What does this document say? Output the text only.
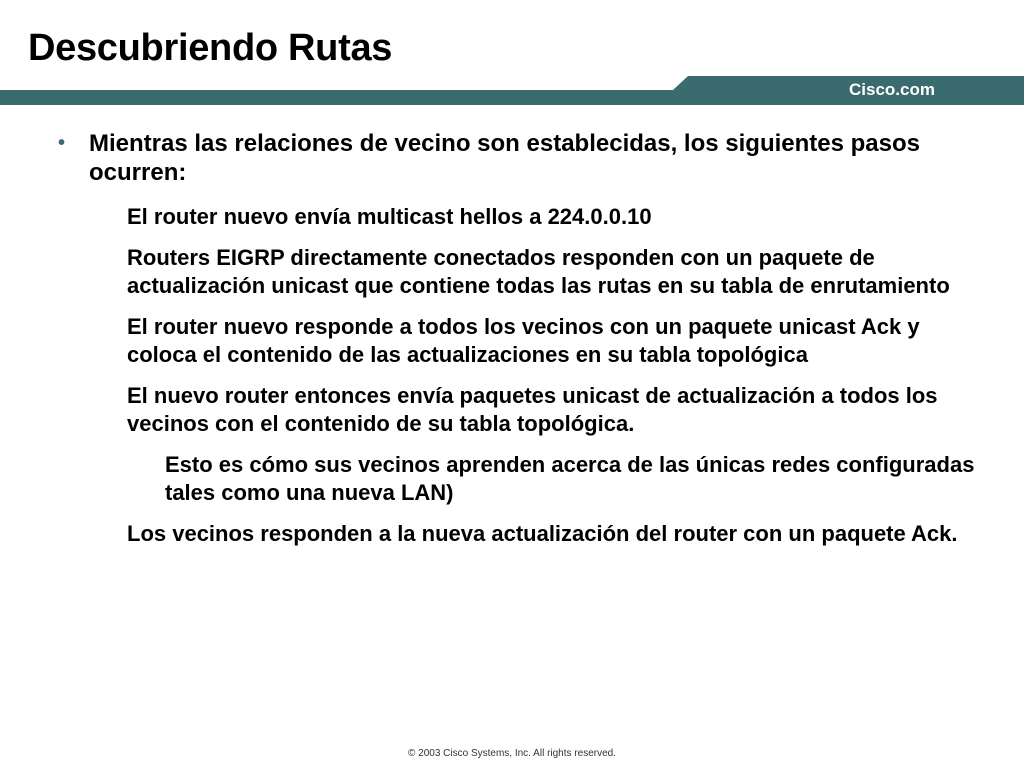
Descubriendo Rutas
Cisco.com
• Mientras las relaciones de vecino son establecidas, los siguientes pasos ocurren:

El router nuevo envía multicast hellos a 224.0.0.10

Routers EIGRP directamente conectados responden con un paquete de actualización unicast que contiene todas las rutas en su tabla de enrutamiento

El router nuevo responde a todos los vecinos con un paquete unicast Ack y coloca el contenido de las actualizaciones en su tabla topológica

El nuevo router entonces envía paquetes unicast de actualización a todos los vecinos con el contenido de su tabla topológica.

Esto es cómo sus vecinos aprenden acerca de las únicas redes configuradas tales como una nueva LAN)

Los vecinos responden a la nueva actualización del router con un paquete Ack.

© 2003 Cisco Systems, Inc. All rights reserved.
